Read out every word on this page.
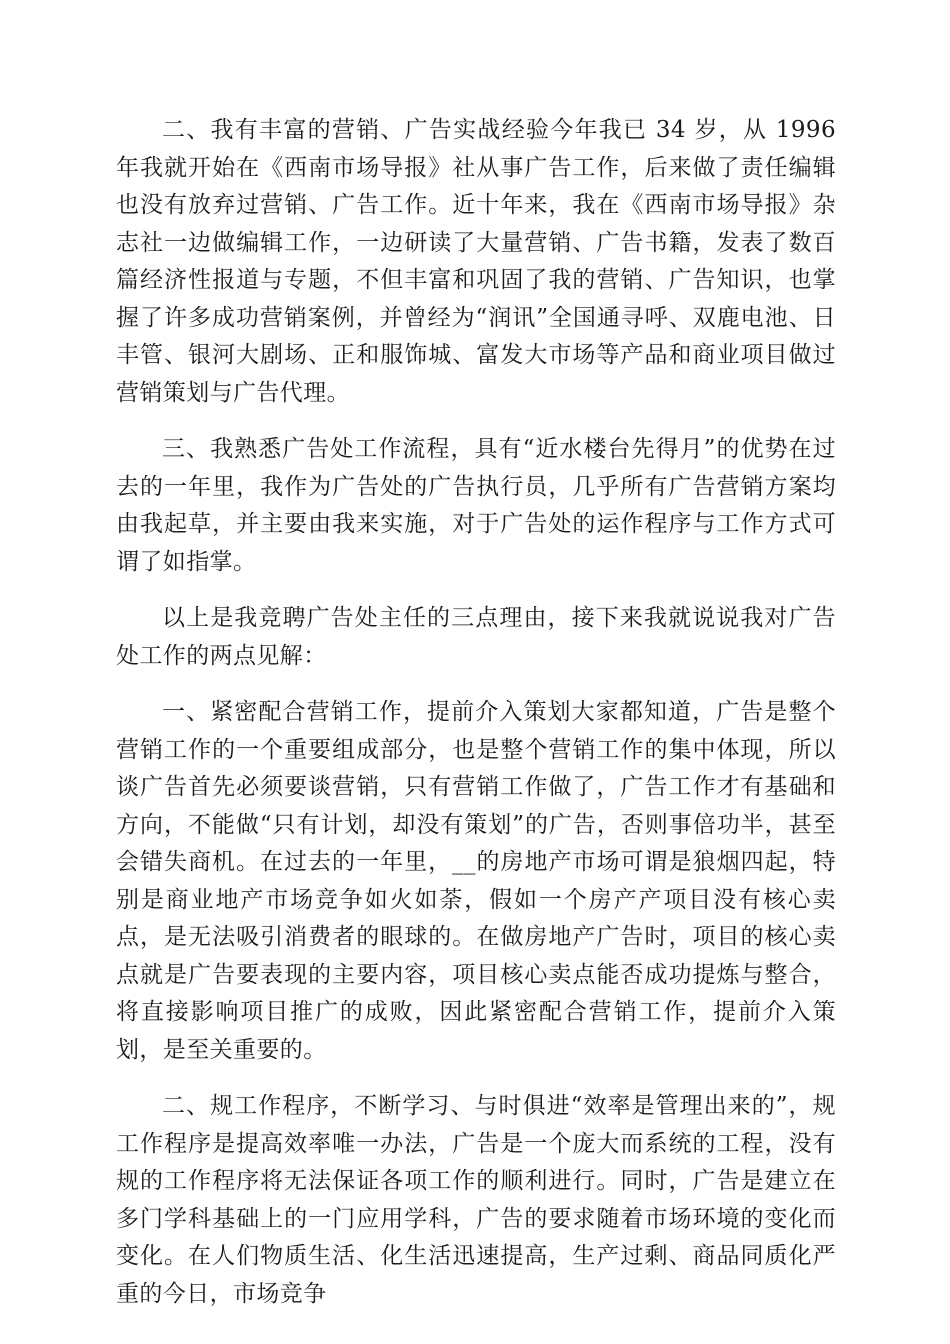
二、我有丰富的营销、广告实战经验今年我已 34 岁，从 1996 年我就开始在《西南市场导报》社从事广告工作，后来做了责任编辑也没有放弃过营销、广告工作。近十年来，我在《西南市场导报》杂志社一边做编辑工作，一边研读了大量营销、广告书籍，发表了数百篇经济性报道与专题，不但丰富和巩固了我的营销、广告知识，也掌握了许多成功营销案例，并曾经为“润讯”全国通寻呼、双鹿电池、日丰管、银河大剧场、正和服饰城、富发大市场等产品和商业项目做过营销策划与广告代理。

三、我熟悉广告处工作流程，具有“近水楼台先得月”的优势在过去的一年里，我作为广告处的广告执行员，几乎所有广告营销方案均由我起草，并主要由我来实施，对于广告处的运作程序与工作方式可谓了如指掌。

以上是我竞聘广告处主任的三点理由，接下来我就说说我对广告处工作的两点见解：

一、紧密配合营销工作，提前介入策划大家都知道，广告是整个营销工作的一个重要组成部分，也是整个营销工作的集中体现，所以谈广告首先必须要谈营销，只有营销工作做了，广告工作才有基础和方向，不能做“只有计划，却没有策划”的广告，否则事倍功半，甚至会错失商机。在过去的一年里，__的房地产市场可谓是狼烟四起，特别是商业地产市场竞争如火如荼，假如一个房产产项目没有核心卖点，是无法吸引消费者的眼球的。在做房地产广告时，项目的核心卖点就是广告要表现的主要内容，项目核心卖点能否成功提炼与整合，将直接影响项目推广的成败，因此紧密配合营销工作，提前介入策划，是至关重要的。

二、规工作程序，不断学习、与时俱进“效率是管理出来的”，规工作程序是提高效率唯一办法，广告是一个庞大而系统的工程，没有规的工作程序将无法保证各项工作的顺利进行。同时，广告是建立在多门学科基础上的一门应用学科，广告的要求随着市场环境的变化而变化。在人们物质生活、化生活迅速提高，生产过剩、商品同质化严重的今日，市场竞争
